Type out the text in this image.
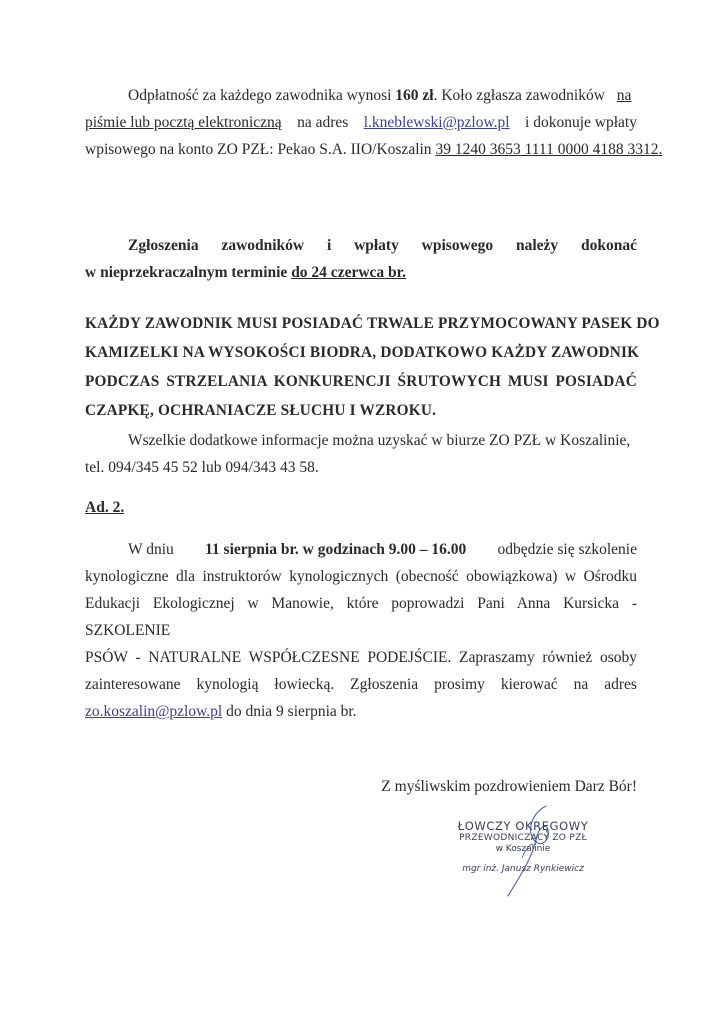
Odpłatność za każdego zawodnika wynosi 160 zł. Koło zgłasza zawodników na
piśmie lub pocztą elektroniczną na adres l.kneblewski@pzlow.pl i dokonuje wpłaty
wpisowego na konto ZO PZŁ: Pekao S.A. IIO/Koszalin 39 1240 3653 1111 0000 4188 3312.
Zgłoszenia zawodników i wpłaty wpisowego należy dokonać
w nieprzekraczalnym terminie do 24 czerwca br.
KAŻDY ZAWODNIK MUSI POSIADAĆ TRWALE PRZYMOCOWANY PASEK DO
KAMIZELKI NA WYSOKOŚCI BIODRA, DODATKOWO KAŻDY ZAWODNIK
PODCZAS STRZELANIA KONKURENCJI ŚRUTOWYCH MUSI POSIADAĆ
CZAPKĘ, OCHRANIACZE SŁUCHU I WZROKU.
Wszelkie dodatkowe informacje można uzyskać w biurze ZO PZŁ w Koszalinie,
tel. 094/345 45 52 lub 094/343 43 58.
Ad. 2.
W dniu 11 sierpnia br. w godzinach 9.00 – 16.00 odbędzie się szkolenie
kynologiczne dla instruktorów kynologicznych (obecność obowiązkowa) w Ośrodku
Edukacji Ekologicznej w Manowie, które poprowadzi Pani Anna Kursicka - SZKOLENIE
PSÓW - NATURALNE WSPÓŁCZESNE PODEJŚCIE. Zapraszamy również osoby
zainteresowane kynologią łowiecką. Zgłoszenia prosimy kierować na adres
zo.koszalin@pzlow.pl do dnia 9 sierpnia br.
Z myśliwskim pozdrowieniem Darz Bór!
ŁOWCZY OKRĘGOWY
PRZEWODNICZĄCY ZO PZŁ
w Koszalinie
mgr inż. Janusz Rynkiewicz
